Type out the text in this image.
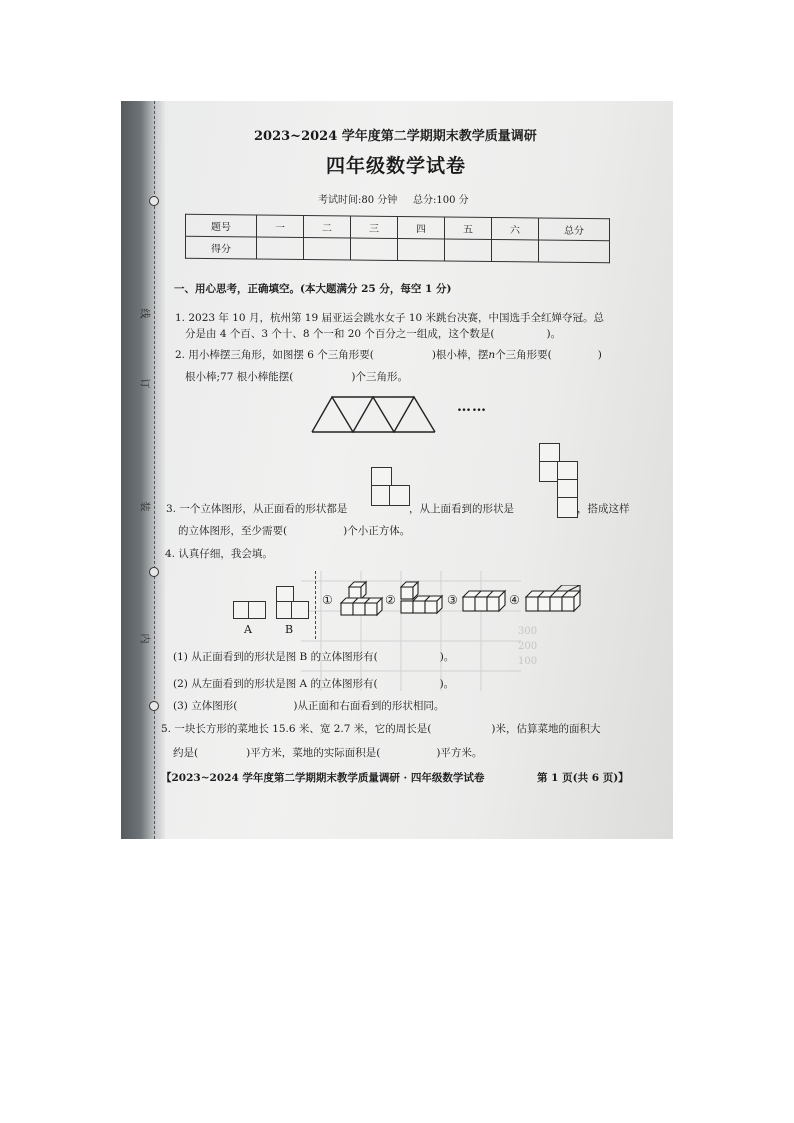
线
订
装
内
2023~2024 学年度第二学期期末教学质量调研
四年级数学试卷
考试时间:80 分钟 总分:100 分
题号	一	二	三	四	五	六	总分
得分							
一、用心思考，正确填空。(本大题满分 25 分，每空 1 分)
1. 2023 年 10 月，杭州第 19 届亚运会跳水女子 10 米跳台决赛，中国选手全红婵夺冠。总
分是由 4 个百、3 个十、8 个一和 20 个百分之一组成，这个数是(	)。
2. 用小棒摆三角形，如图摆 6 个三角形要(	)根小棒，摆n个三角形要(	)
根小棒;77 根小棒能摆(	)个三角形。
……
3. 一个立体图形，从正面看的形状都是	，从上面看到的形状是	，搭成这样
的立体图形，至少需要(	)个小正方体。
4. 认真仔细，我会填。
300
200
100
A	B
①	②	③	④
(1) 从正面看到的形状是图 B 的立体图形有(	)。
(2) 从左面看到的形状是图 A 的立体图形有(	)。
(3) 立体图形(	)从正面和右面看到的形状相同。
5. 一块长方形的菜地长 15.6 米、宽 2.7 米，它的周长是(	)米，估算菜地的面积大
约是(	)平方米，菜地的实际面积是(	)平方米。
【2023~2024 学年度第二学期期末教学质量调研 · 四年级数学试卷	第 1 页(共 6 页)】
